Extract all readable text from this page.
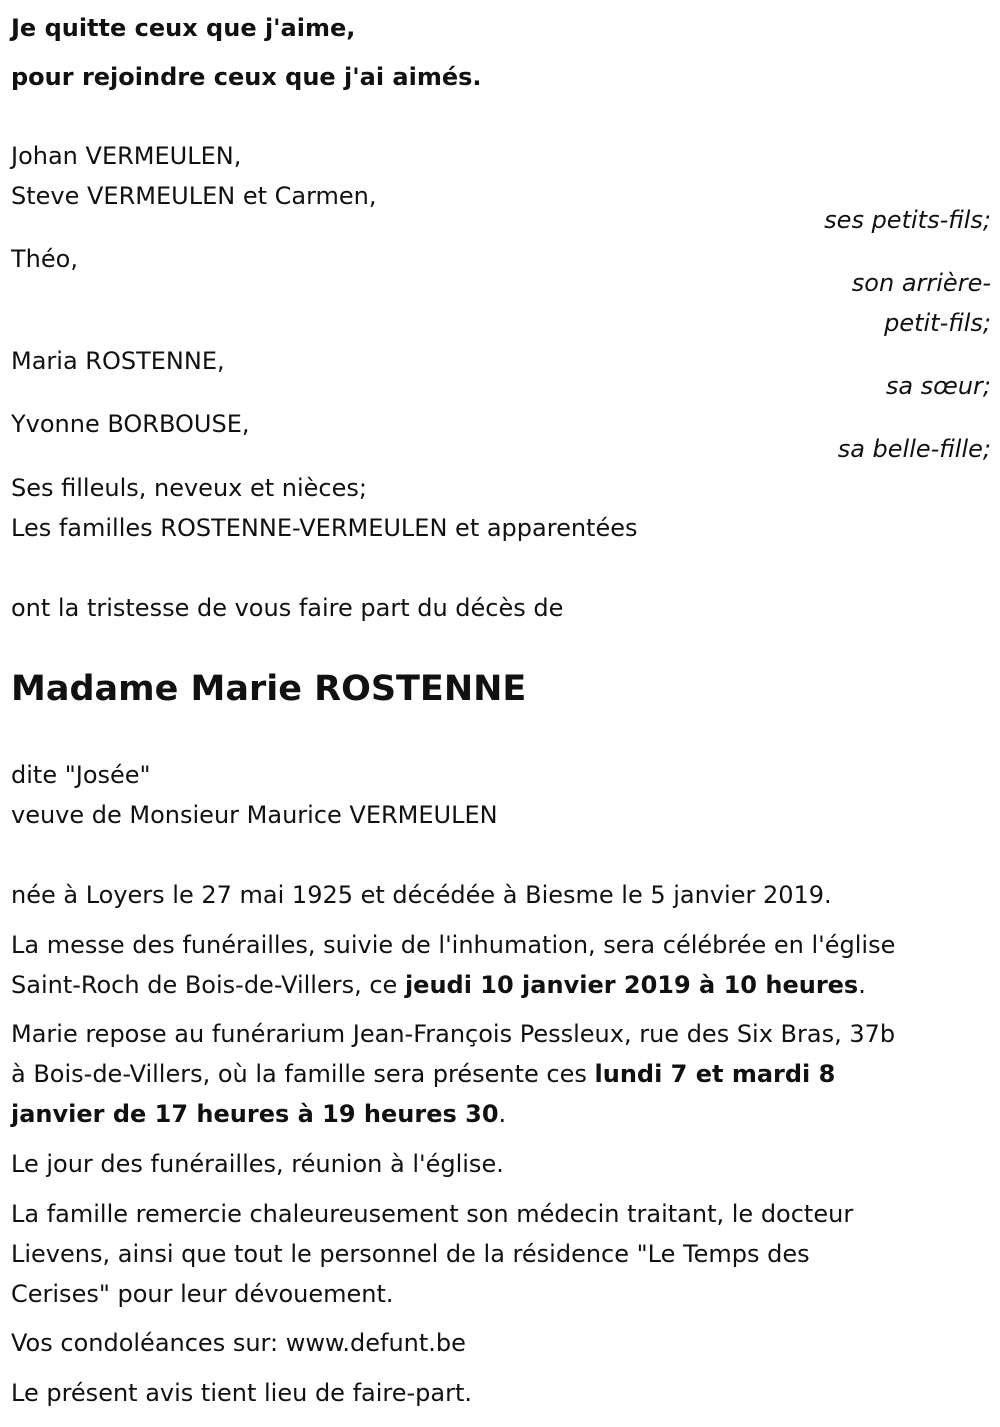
Je quitte ceux que j'aime,
pour rejoindre ceux que j'ai aimés.
Johan VERMEULEN,
Steve VERMEULEN et Carmen,
ses petits-fils;
Théo,
son arrière-
petit-fils;
Maria ROSTENNE,
sa sœur;
Yvonne BORBOUSE,
sa belle-fille;
Ses filleuls, neveux et nièces;
Les familles ROSTENNE-VERMEULEN et apparentées
ont la tristesse de vous faire part du décès de
Madame Marie ROSTENNE
dite "Josée"
veuve de Monsieur Maurice VERMEULEN
née à Loyers le 27 mai 1925 et décédée à Biesme le 5 janvier 2019.
La messe des funérailles, suivie de l'inhumation, sera célébrée en l'église
Saint-Roch de Bois-de-Villers, ce jeudi 10 janvier 2019 à 10 heures.
Marie repose au funérarium Jean-François Pessleux, rue des Six Bras, 37b
à Bois-de-Villers, où la famille sera présente ces lundi 7 et mardi 8
janvier de 17 heures à 19 heures 30.
Le jour des funérailles, réunion à l'église.
La famille remercie chaleureusement son médecin traitant, le docteur
Lievens, ainsi que tout le personnel de la résidence "Le Temps des
Cerises" pour leur dévouement.
Vos condoléances sur: www.defunt.be
Le présent avis tient lieu de faire-part.
